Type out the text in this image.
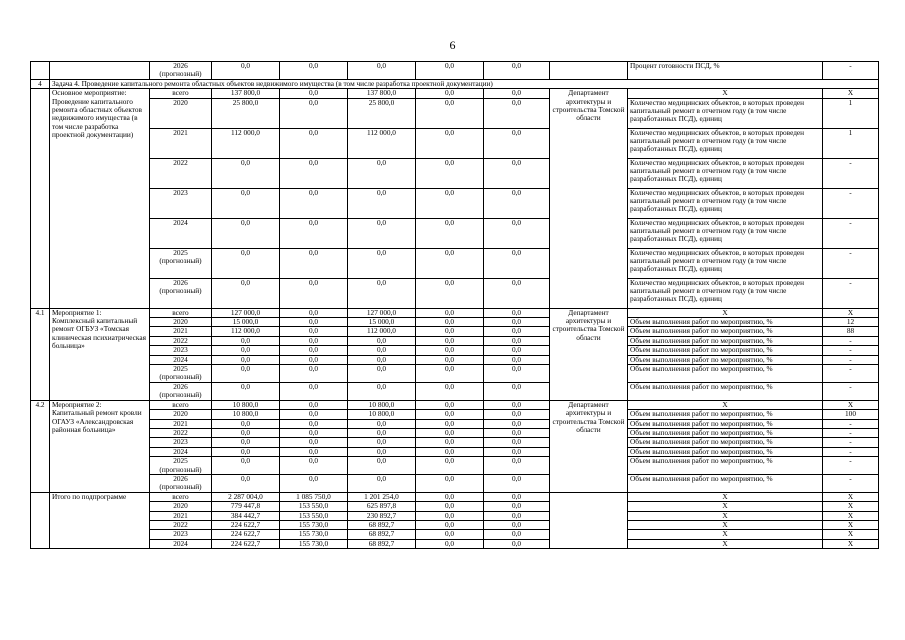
6
		2026
(прогнозный)	0,0	0,0	0,0	0,0	0,0		Процент готовности ПСД, %	-
4	Задача 4. Проведение капитального ремонта областных объектов недвижимого имущества (в том числе разработка проектной документации)									
	Основное мероприятие:
Проведение капитального ремонта областных объектов недвижимого имущества (в том числе разработка проектной документации)	всего	137 800,0	0,0	137 800,0	0,0	0,0	Департамент архитектуры и строительства Томской области	X	X
		2020	25 800,0	0,0	25 800,0	0,0	0,0		Количество медицинских объектов, в которых проведен капитальный ремонт в отчетном году (в том числе разработанных ПСД), единиц	1
		2021	112 000,0	0,0	112 000,0	0,0	0,0		Количество медицинских объектов, в которых проведен капитальный ремонт в отчетном году (в том числе разработанных ПСД), единиц	1
		2022	0,0	0,0	0,0	0,0	0,0		Количество медицинских объектов, в которых проведен капитальный ремонт в отчетном году (в том числе разработанных ПСД), единиц	-
		2023	0,0	0,0	0,0	0,0	0,0		Количество медицинских объектов, в которых проведен капитальный ремонт в отчетном году (в том числе разработанных ПСД), единиц	-
		2024	0,0	0,0	0,0	0,0	0,0		Количество медицинских объектов, в которых проведен капитальный ремонт в отчетном году (в том числе разработанных ПСД), единиц	-
		2025
(прогнозный)	0,0	0,0	0,0	0,0	0,0		Количество медицинских объектов, в которых проведен капитальный ремонт в отчетном году (в том числе разработанных ПСД), единиц	-
		2026
(прогнозный)	0,0	0,0	0,0	0,0	0,0		Количество медицинских объектов, в которых проведен капитальный ремонт в отчетном году (в том числе разработанных ПСД), единиц	-
4.1	Мероприятие 1:
Комплексный капитальный ремонт ОГБУЗ «Томская клиническая психиатрическая больница»	всего	127 000,0	0,0	127 000,0	0,0	0,0	Департамент архитектуры и строительства Томской области	X	X
		2020	15 000,0	0,0	15 000,0	0,0	0,0		Объем выполнения работ по мероприятию, %	12
		2021	112 000,0	0,0	112 000,0	0,0	0,0		Объем выполнения работ по мероприятию, %	88
		2022	0,0	0,0	0,0	0,0	0,0		Объем выполнения работ по мероприятию, %	-
		2023	0,0	0,0	0,0	0,0	0,0		Объем выполнения работ по мероприятию, %	-
		2024	0,0	0,0	0,0	0,0	0,0		Объем выполнения работ по мероприятию, %	-
		2025
(прогнозный)	0,0	0,0	0,0	0,0	0,0		Объем выполнения работ по мероприятию, %	-
		2026
(прогнозный)	0,0	0,0	0,0	0,0	0,0		Объем выполнения работ по мероприятию, %	-
4.2	Мероприятие 2:
Капитальный ремонт кровли ОГАУЗ «Александровская районная больница»	всего	10 800,0	0,0	10 800,0	0,0	0,0	Департамент архитектуры и строительства Томской области	X	X
		2020	10 800,0	0,0	10 800,0	0,0	0,0		Объем выполнения работ по мероприятию, %	100
		2021	0,0	0,0	0,0	0,0	0,0		Объем выполнения работ по мероприятию, %	-
		2022	0,0	0,0	0,0	0,0	0,0		Объем выполнения работ по мероприятию, %	-
		2023	0,0	0,0	0,0	0,0	0,0		Объем выполнения работ по мероприятию, %	-
		2024	0,0	0,0	0,0	0,0	0,0		Объем выполнения работ по мероприятию, %	-
		2025
(прогнозный)	0,0	0,0	0,0	0,0	0,0		Объем выполнения работ по мероприятию, %	-
		2026
(прогнозный)	0,0	0,0	0,0	0,0	0,0		Объем выполнения работ по мероприятию, %	-
	Итого по подпрограмме	всего	2 287 004,0	1 085 750,0	1 201 254,0	0,0	0,0		X	X
		2020	779 447,8	153 550,0	625 897,8	0,0	0,0		X	X
		2021	384 442,7	153 550,0	230 892,7	0,0	0,0		X	X
		2022	224 622,7	155 730,0	68 892,7	0,0	0,0		X	X
		2023	224 622,7	155 730,0	68 892,7	0,0	0,0		X	X
		2024	224 622,7	155 730,0	68 892,7	0,0	0,0		X	X
